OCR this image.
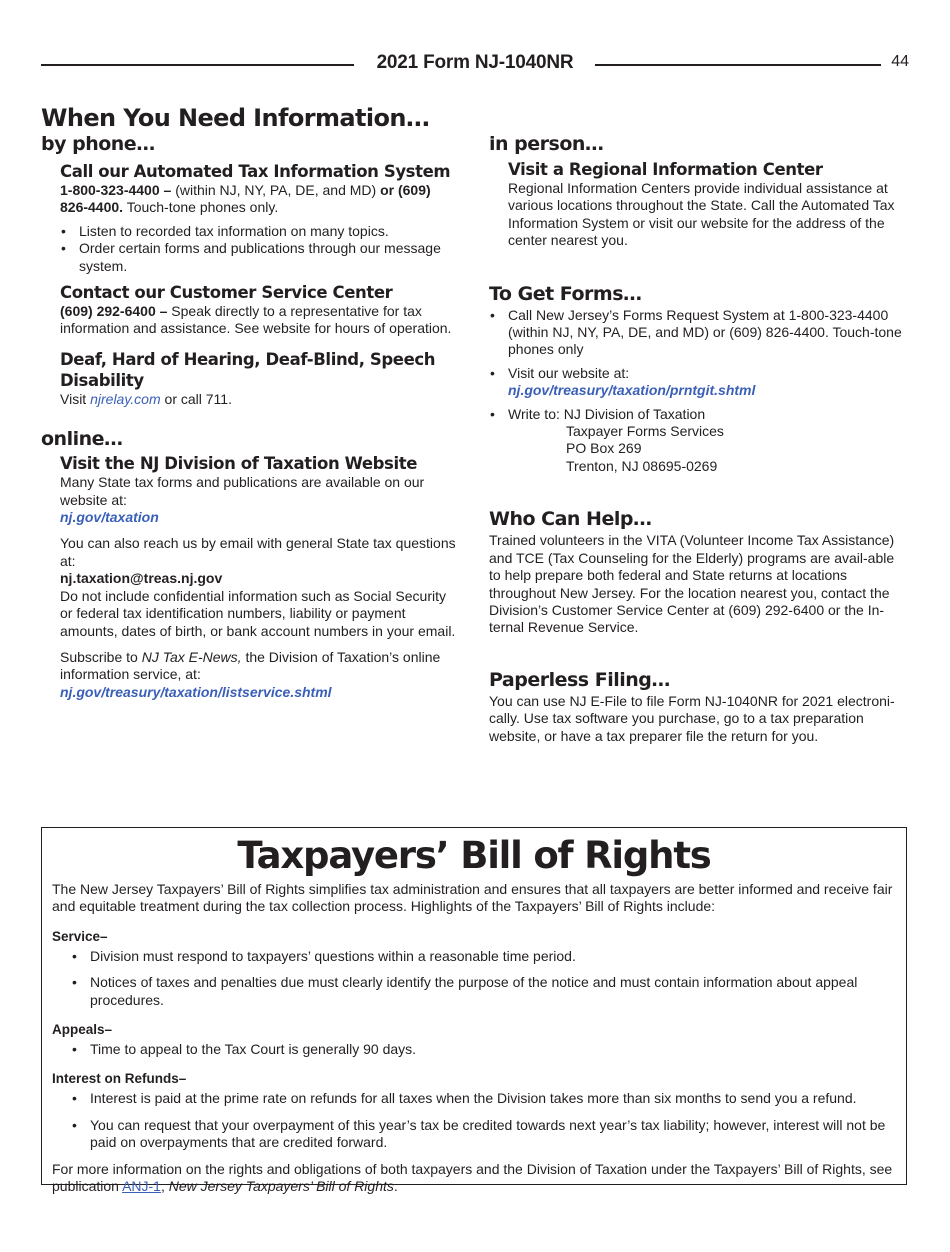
2021 Form NJ-1040NR	44
When You Need Information…
by phone…
Call our Automated Tax Information System

1-800-323-4400 – (within NJ, NY, PA, DE, and MD) or (609) 826-4400. Touch-tone phones only.

• Listen to recorded tax information on many topics.
• Order certain forms and publications through our message system.
Contact our Customer Service Center

(609) 292-6400 – Speak directly to a representative for tax information and assistance. See website for hours of operation.

Deaf, Hard of Hearing, Deaf-Blind, Speech Disability

Visit njrelay.com or call 711.

online…
Visit the NJ Division of Taxation Website

Many State tax forms and publications are available on our website at:

nj.gov/taxation

You can also reach us by email with general State tax questions at:

nj.taxation@treas.nj.gov

Do not include confidential information such as Social Security or federal tax identification numbers, liability or payment amounts, dates of birth, or bank account numbers in your email.

Subscribe to NJ Tax E-News, the Division of Taxation’s online information service, at:

nj.gov/treasury/taxation/listservice.shtml

in person…
Visit a Regional Information Center

Regional Information Centers provide individual assistance at various locations throughout the State. Call the Automated Tax Information System or visit our website for the address of the center nearest you.

To Get Forms…
• Call New Jersey’s Forms Request System at 1-800-323-4400 (within NJ, NY, PA, DE, and MD) or (609) 826-4400. Touch-tone phones only
• Visit our website at:
nj.gov/treasury/taxation/prntgit.shtml
• Write to: NJ Division of Taxation
Taxpayer Forms Services
PO Box 269
Trenton, NJ 08695-0269
Who Can Help…

Trained volunteers in the VITA (Volunteer Income Tax Assistance) and TCE (Tax Counseling for the Elderly) programs are avail-able to help prepare both federal and State returns at locations throughout New Jersey. For the location nearest you, contact the Division’s Customer Service Center at (609) 292-6400 or the In-ternal Revenue Service.

Paperless Filing…

You can use NJ E-File to file Form NJ-1040NR for 2021 electroni-cally. Use tax software you purchase, go to a tax preparation website, or have a tax preparer file the return for you.

Taxpayers’ Bill of Rights

The New Jersey Taxpayers’ Bill of Rights simplifies tax administration and ensures that all taxpayers are better informed and receive fair and equitable treatment during the tax collection process. Highlights of the Taxpayers’ Bill of Rights include:

Service–
• Division must respond to taxpayers’ questions within a reasonable time period.
• Notices of taxes and penalties due must clearly identify the purpose of the notice and must contain information about appeal procedures.
Appeals–
• Time to appeal to the Tax Court is generally 90 days.
Interest on Refunds–
• Interest is paid at the prime rate on refunds for all taxes when the Division takes more than six months to send you a refund.
• You can request that your overpayment of this year’s tax be credited towards next year’s tax liability; however, interest will not be paid on overpayments that are credited forward.

For more information on the rights and obligations of both taxpayers and the Division of Taxation under the Taxpayers’ Bill of Rights, see publication ANJ-1, New Jersey Taxpayers’ Bill of Rights.
